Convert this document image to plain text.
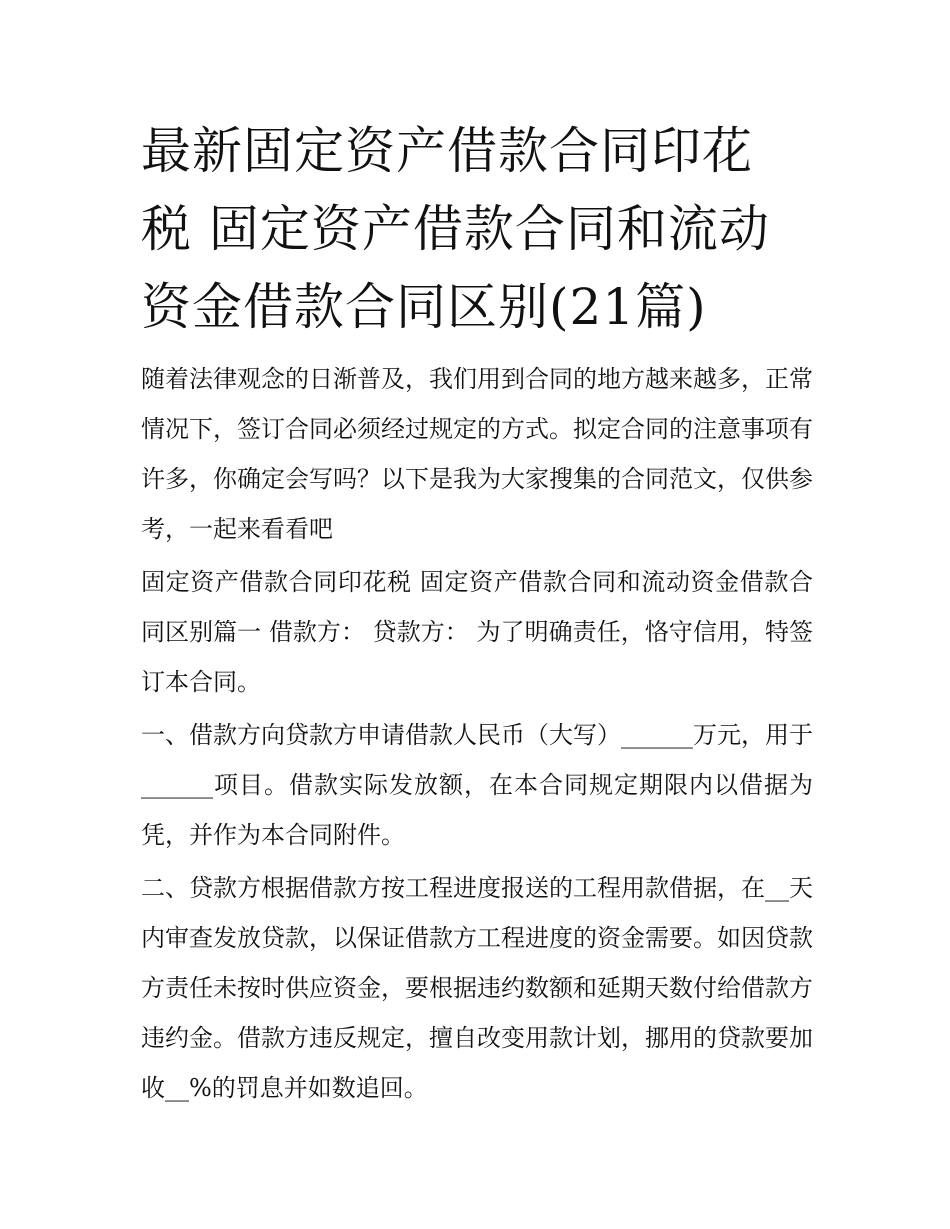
最新固定资产借款合同印花税 固定资产借款合同和流动资金借款合同区别(21篇)

随着法律观念的日渐普及，我们用到合同的地方越来越多，正常情况下，签订合同必须经过规定的方式。拟定合同的注意事项有许多，你确定会写吗？以下是我为大家搜集的合同范文，仅供参考，一起来看看吧

固定资产借款合同印花税 固定资产借款合同和流动资金借款合同区别篇一 借款方： 贷款方： 为了明确责任，恪守信用，特签订本合同。

一、借款方向贷款方申请借款人民币（大写）______万元，用于______项目。借款实际发放额，在本合同规定期限内以借据为凭，并作为本合同附件。

二、贷款方根据借款方按工程进度报送的工程用款借据，在__天内审查发放贷款，以保证借款方工程进度的资金需要。如因贷款方责任未按时供应资金，要根据违约数额和延期天数付给借款方违约金。借款方违反规定，擅自改变用款计划，挪用的贷款要加收__%的罚息并如数追回。
